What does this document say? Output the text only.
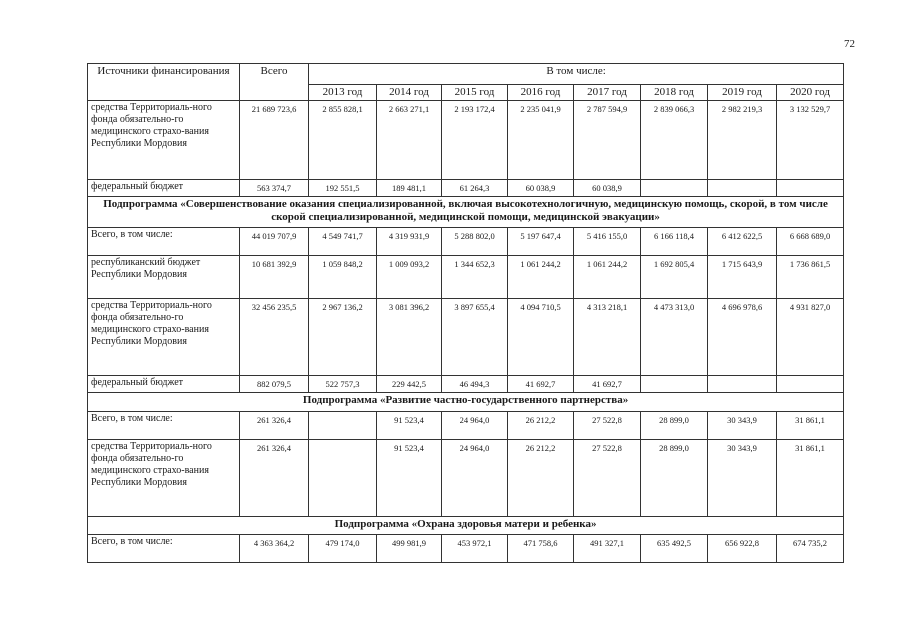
72
Источники финансирования	Всего	В том числе:							
		2013 год	2014 год	2015 год	2016 год	2017 год	2018 год	2019 год	2020 год
средства Территориаль-ного фонда обязательно-го медицинского страхо-вания Республики Мордовия	21 689 723,6	2 855 828,1	2 663 271,1	2 193 172,4	2 235 041,9	2 787 594,9	2 839 066,3	2 982 219,3	3 132 529,7
федеральный бюджет	563 374,7	192 551,5	189 481,1	61 264,3	60 038,9	60 038,9			
Подпрограмма «Совершенствование оказания специализированной, включая высокотехнологичную, медицинскую помощь, скорой, в том числе скорой специализированной, медицинской помощи, медицинской эвакуации»									
Всего, в том числе:	44 019 707,9	4 549 741,7	4 319 931,9	5 288 802,0	5 197 647,4	5 416 155,0	6 166 118,4	6 412 622,5	6 668 689,0
республиканский бюджет Республики Мордовия	10 681 392,9	1 059 848,2	1 009 093,2	1 344 652,3	1 061 244,2	1 061 244,2	1 692 805,4	1 715 643,9	1 736 861,5
средства Территориаль-ного фонда обязательно-го медицинского страхо-вания Республики Мордовия	32 456 235,5	2 967 136,2	3 081 396,2	3 897 655,4	4 094 710,5	4 313 218,1	4 473 313,0	4 696 978,6	4 931 827,0
федеральный бюджет	882 079,5	522 757,3	229 442,5	46 494,3	41 692,7	41 692,7			
Подпрограмма «Развитие частно-государственного партнерства»									
Всего, в том числе:	261 326,4		91 523,4	24 964,0	26 212,2	27 522,8	28 899,0	30 343,9	31 861,1
средства Территориаль-ного фонда обязательно-го медицинского страхо-вания Республики Мордовия	261 326,4		91 523,4	24 964,0	26 212,2	27 522,8	28 899,0	30 343,9	31 861,1
Подпрограмма «Охрана здоровья матери и ребенка»									
Всего, в том числе:	4 363 364,2	479 174,0	499 981,9	453 972,1	471 758,6	491 327,1	635 492,5	656 922,8	674 735,2
